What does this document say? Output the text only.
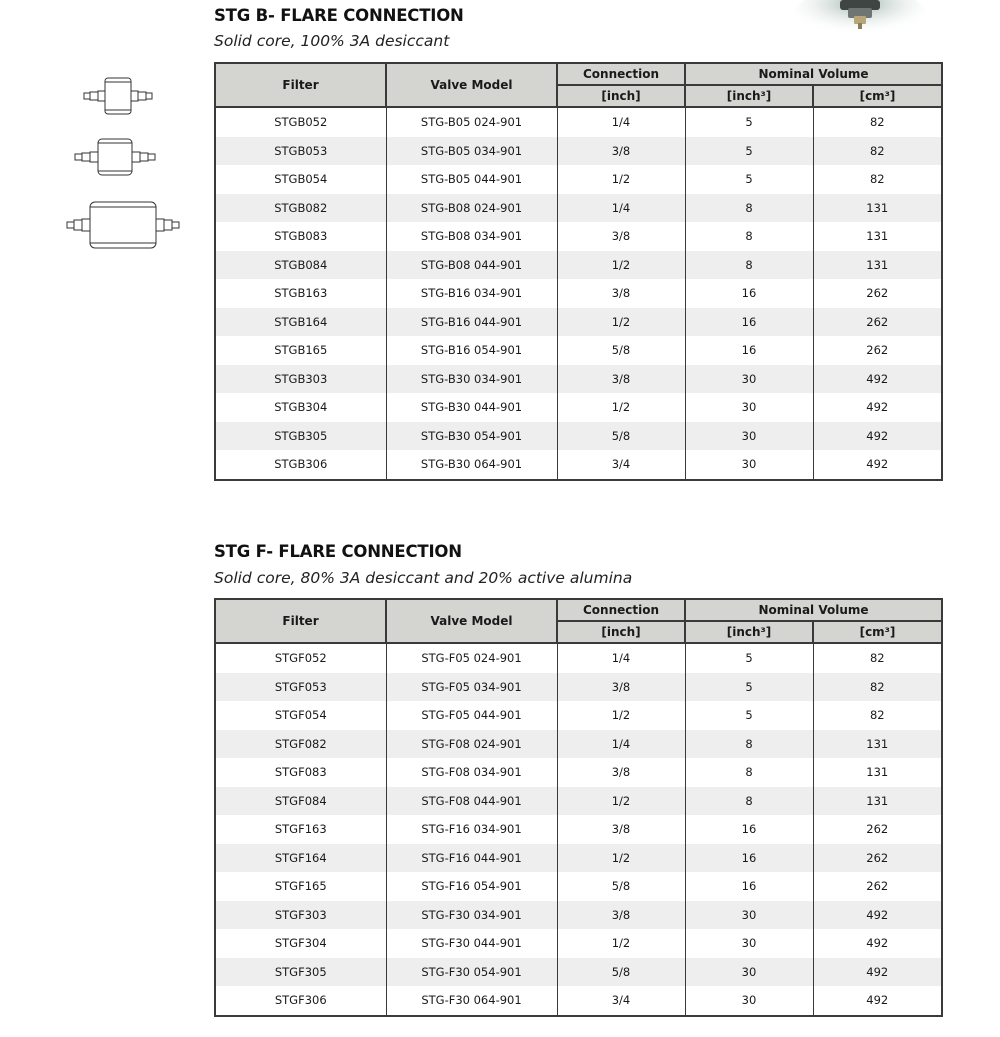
STG B- FLARE CONNECTION

Solid core, 100% 3A desiccant

Filter	Valve Model	Connection	Nominal Volume	
		[inch]	[inch³]	[cm³]
STGB052	STG-B05 024-901	1/4	5	82
STGB053	STG-B05 034-901	3/8	5	82
STGB054	STG-B05 044-901	1/2	5	82
STGB082	STG-B08 024-901	1/4	8	131
STGB083	STG-B08 034-901	3/8	8	131
STGB084	STG-B08 044-901	1/2	8	131
STGB163	STG-B16 034-901	3/8	16	262
STGB164	STG-B16 044-901	1/2	16	262
STGB165	STG-B16 054-901	5/8	16	262
STGB303	STG-B30 034-901	3/8	30	492
STGB304	STG-B30 044-901	1/2	30	492
STGB305	STG-B30 054-901	5/8	30	492
STGB306	STG-B30 064-901	3/4	30	492
STG F- FLARE CONNECTION

Solid core, 80% 3A desiccant and 20% active alumina

Filter	Valve Model	Connection	Nominal Volume	
		[inch]	[inch³]	[cm³]
STGF052	STG-F05 024-901	1/4	5	82
STGF053	STG-F05 034-901	3/8	5	82
STGF054	STG-F05 044-901	1/2	5	82
STGF082	STG-F08 024-901	1/4	8	131
STGF083	STG-F08 034-901	3/8	8	131
STGF084	STG-F08 044-901	1/2	8	131
STGF163	STG-F16 034-901	3/8	16	262
STGF164	STG-F16 044-901	1/2	16	262
STGF165	STG-F16 054-901	5/8	16	262
STGF303	STG-F30 034-901	3/8	30	492
STGF304	STG-F30 044-901	1/2	30	492
STGF305	STG-F30 054-901	5/8	30	492
STGF306	STG-F30 064-901	3/4	30	492
